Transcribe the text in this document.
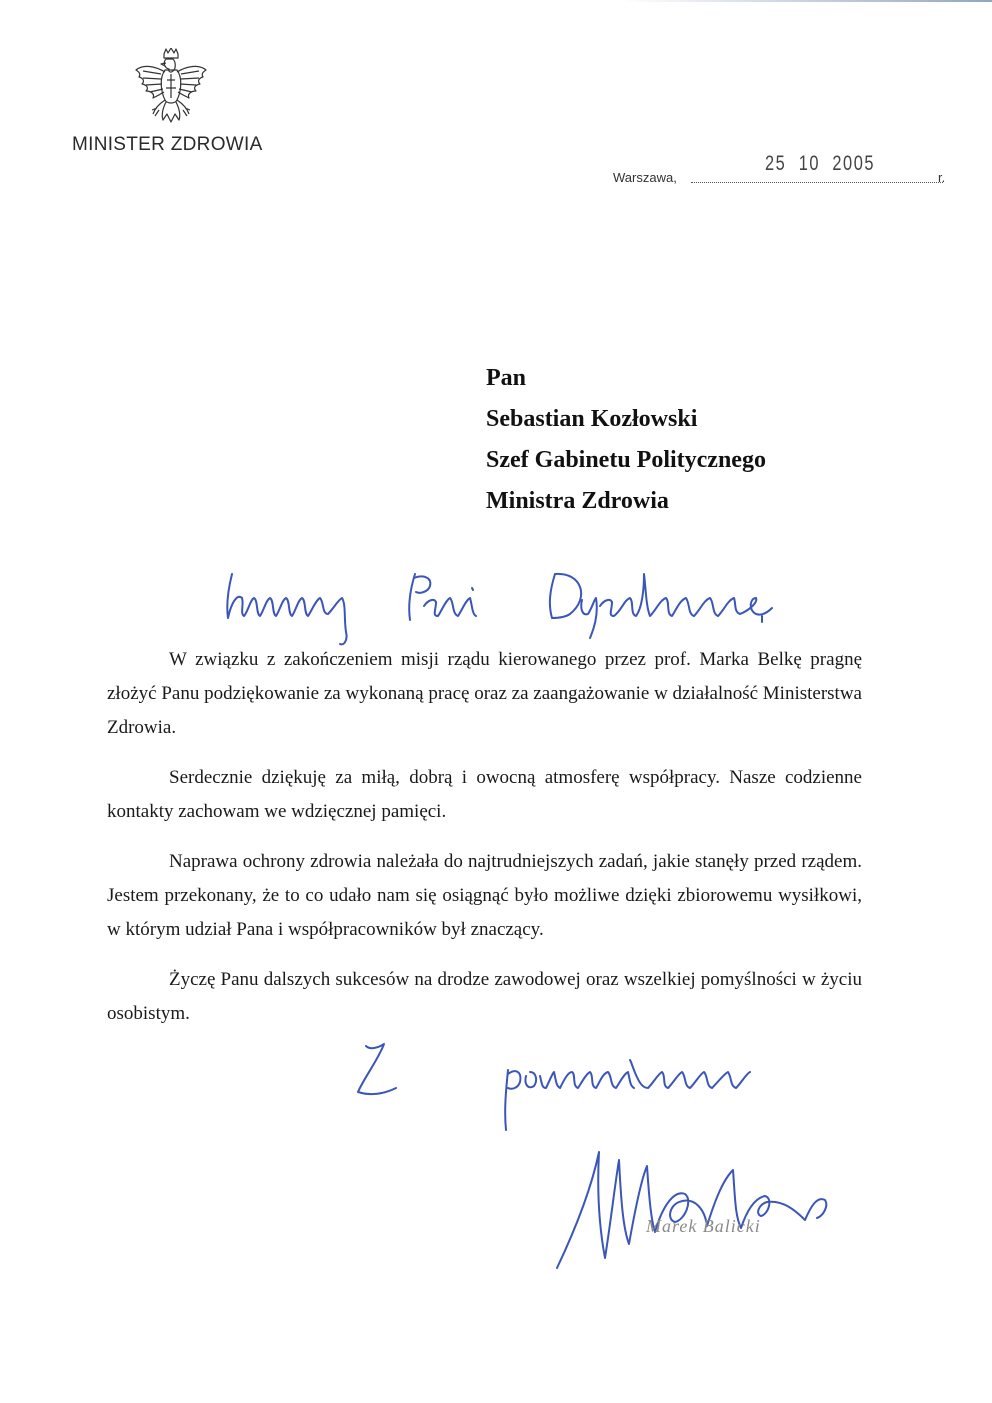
MINISTER ZDROWIA
Warszawa,	r.
25 10 2005
Pan
Sebastian Kozłowski
Szef Gabinetu Politycznego
Ministra Zdrowia

W związku z zakończeniem misji rządu kierowanego przez prof. Marka Belkę pragnę złożyć Panu podziękowanie za wykonaną pracę oraz za zaangażowanie w działalność Ministerstwa Zdrowia.

Serdecznie dziękuję za miłą, dobrą i owocną atmosferę współpracy. Nasze codzienne kontakty zachowam we wdzięcznej pamięci.

Naprawa ochrony zdrowia należała do najtrudniejszych zadań, jakie stanęły przed rządem. Jestem przekonany, że to co udało nam się osiągnąć było możliwe dzięki zbiorowemu wysiłkowi, w którym udział Pana i współpracowników był znaczący.

Życzę Panu dalszych sukcesów na drodze zawodowej oraz wszelkiej pomyślności w życiu osobistym.

Marek Balicki
